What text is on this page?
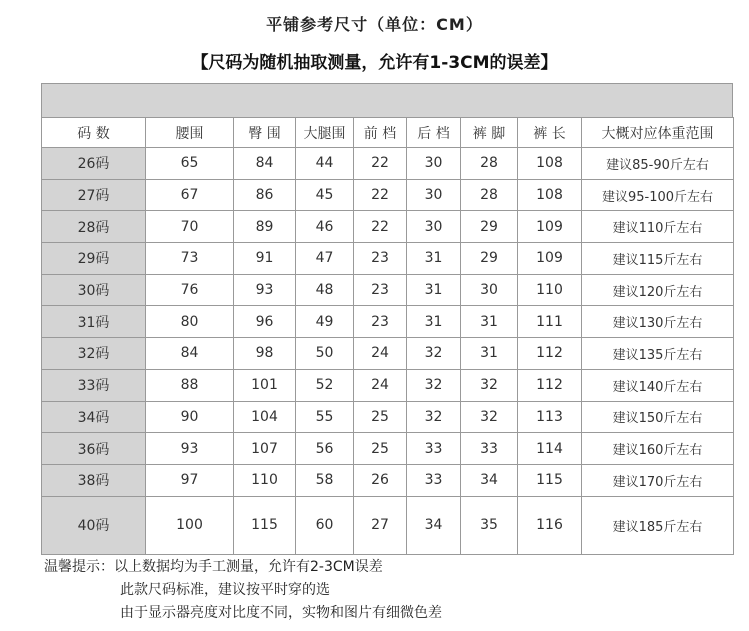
平铺参考尺寸（单位：CM）
【尺码为随机抽取测量，允许有1-3CM的误差】
码 数	腰围	臀 围	大腿围	前 档	后 档	裤 脚	裤 长	大概对应体重范围
26码	65	84	44	22	30	28	108	建议85-90斤左右
27码	67	86	45	22	30	28	108	建议95-100斤左右
28码	70	89	46	22	30	29	109	建议110斤左右
29码	73	91	47	23	31	29	109	建议115斤左右
30码	76	93	48	23	31	30	110	建议120斤左右
31码	80	96	49	23	31	31	111	建议130斤左右
32码	84	98	50	24	32	31	112	建议135斤左右
33码	88	101	52	24	32	32	112	建议140斤左右
34码	90	104	55	25	32	32	113	建议150斤左右
36码	93	107	56	25	33	33	114	建议160斤左右
38码	97	110	58	26	33	34	115	建议170斤左右
40码	100	115	60	27	34	35	116	建议185斤左右
温馨提示：以上数据均为手工测量，允许有2-3CM误差
此款尺码标准，建议按平时穿的选
由于显示器亮度对比度不同，实物和图片有细微色差
